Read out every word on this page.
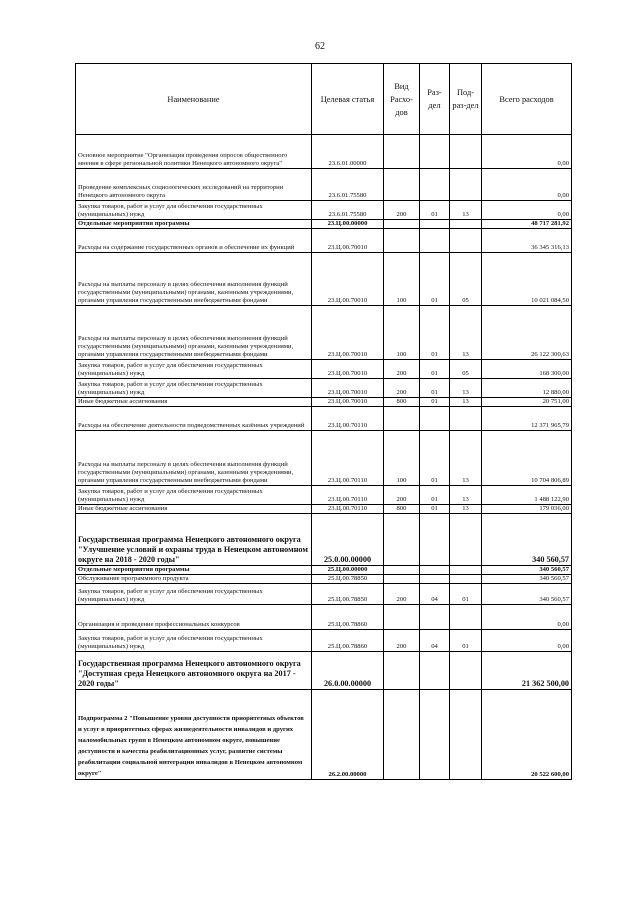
62
Наименование	Целевая статья	Вид Расхо-дов	Раз-дел	Под-раз-дел	Всего расходов
Основное мероприятие "Организация проведения опросов общественного мнения в сфере региональной политики Ненецкого автономного округа"	23.6.01.00000				0,00
Проведение комплексных социологических исследований на территории Ненецкого автономного округа	23.6.01.75580				0,00
Закупка товаров, работ и услуг для обеспечения государственных (муниципальных) нужд	23.6.01.75580	200	01	13	0,00
Отдельные мероприятия программы	23.Ц.00.00000				48 717 281,92
Расходы на содержание государственных органов и обеспечение их функций	23.Ц.00.70010				36 345 316,13
Расходы на выплаты персоналу в целях обеспечения выполнения функций государственными (муниципальными) органами, казенными учреждениями, органами управления государственными внебюджетными фондами	23.Ц.00.70010	100	01	05	10 021 084,50
Расходы на выплаты персоналу в целях обеспечения выполнения функций государственными (муниципальными) органами, казенными учреждениями, органами управления государственными внебюджетными фондами	23.Ц.00.70010	100	01	13	26 122 300,63
Закупка товаров, работ и услуг для обеспечения государственных (муниципальных) нужд	23.Ц.00.70010	200	01	05	168 300,00
Закупка товаров, работ и услуг для обеспечения государственных (муниципальных) нужд	23.Ц.00.70010	200	01	13	12 880,00
Иные бюджетные ассигнования	23.Ц.00.70010	800	01	13	20 751,00
Расходы на обеспечение деятельности подведомственных казённых учреждений	23.Ц.00.70110				12 371 965,79
Расходы на выплаты персоналу в целях обеспечения выполнения функций государственными (муниципальными) органами, казенными учреждениями, органами управления государственными внебюджетными фондами	23.Ц.00.70110	100	01	13	10 704 806,89
Закупка товаров, работ и услуг для обеспечения государственных (муниципальных) нужд	23.Ц.00.70110	200	01	13	1 488 122,90
Иные бюджетные ассигнования	23.Ц.00.70110	800	01	13	179 036,00
Государственная программа Ненецкого автономного округа "Улучшение условий и охраны труда в Ненецком автономном округе на 2018 - 2020 годы"	25.0.00.00000				340 560,57
Отдельные мероприятия программы	25.Ц.00.00000				340 560,57
Обслуживание программного продукта	25.Ц.00.78850				340 560,57
Закупка товаров, работ и услуг для обеспечения государственных (муниципальных) нужд	25.Ц.00.78850	200	04	01	340 560,57
Организация и проведение профессиональных конкурсов	25.Ц.00.78860				0,00
Закупка товаров, работ и услуг для обеспечения государственных (муниципальных) нужд	25.Ц.00.78860	200	04	01	0,00
Государственная программа Ненецкого автономного округа "Доступная среда Ненецкого автономного округа на 2017 - 2020 годы"	26.0.00.00000				21 362 500,00
Подпрограмма 2 "Повышение уровня доступности приоритетных объектов и услуг в приоритетных сферах жизнедеятельности инвалидов и других маломобильных групп в Ненецком автономном округе, повышение доступности и качества реабилитационных услуг, развитие системы реабилитации социальной интеграции инвалидов в Ненецком автономном округе"	26.2.00.00000				20 522 600,00
